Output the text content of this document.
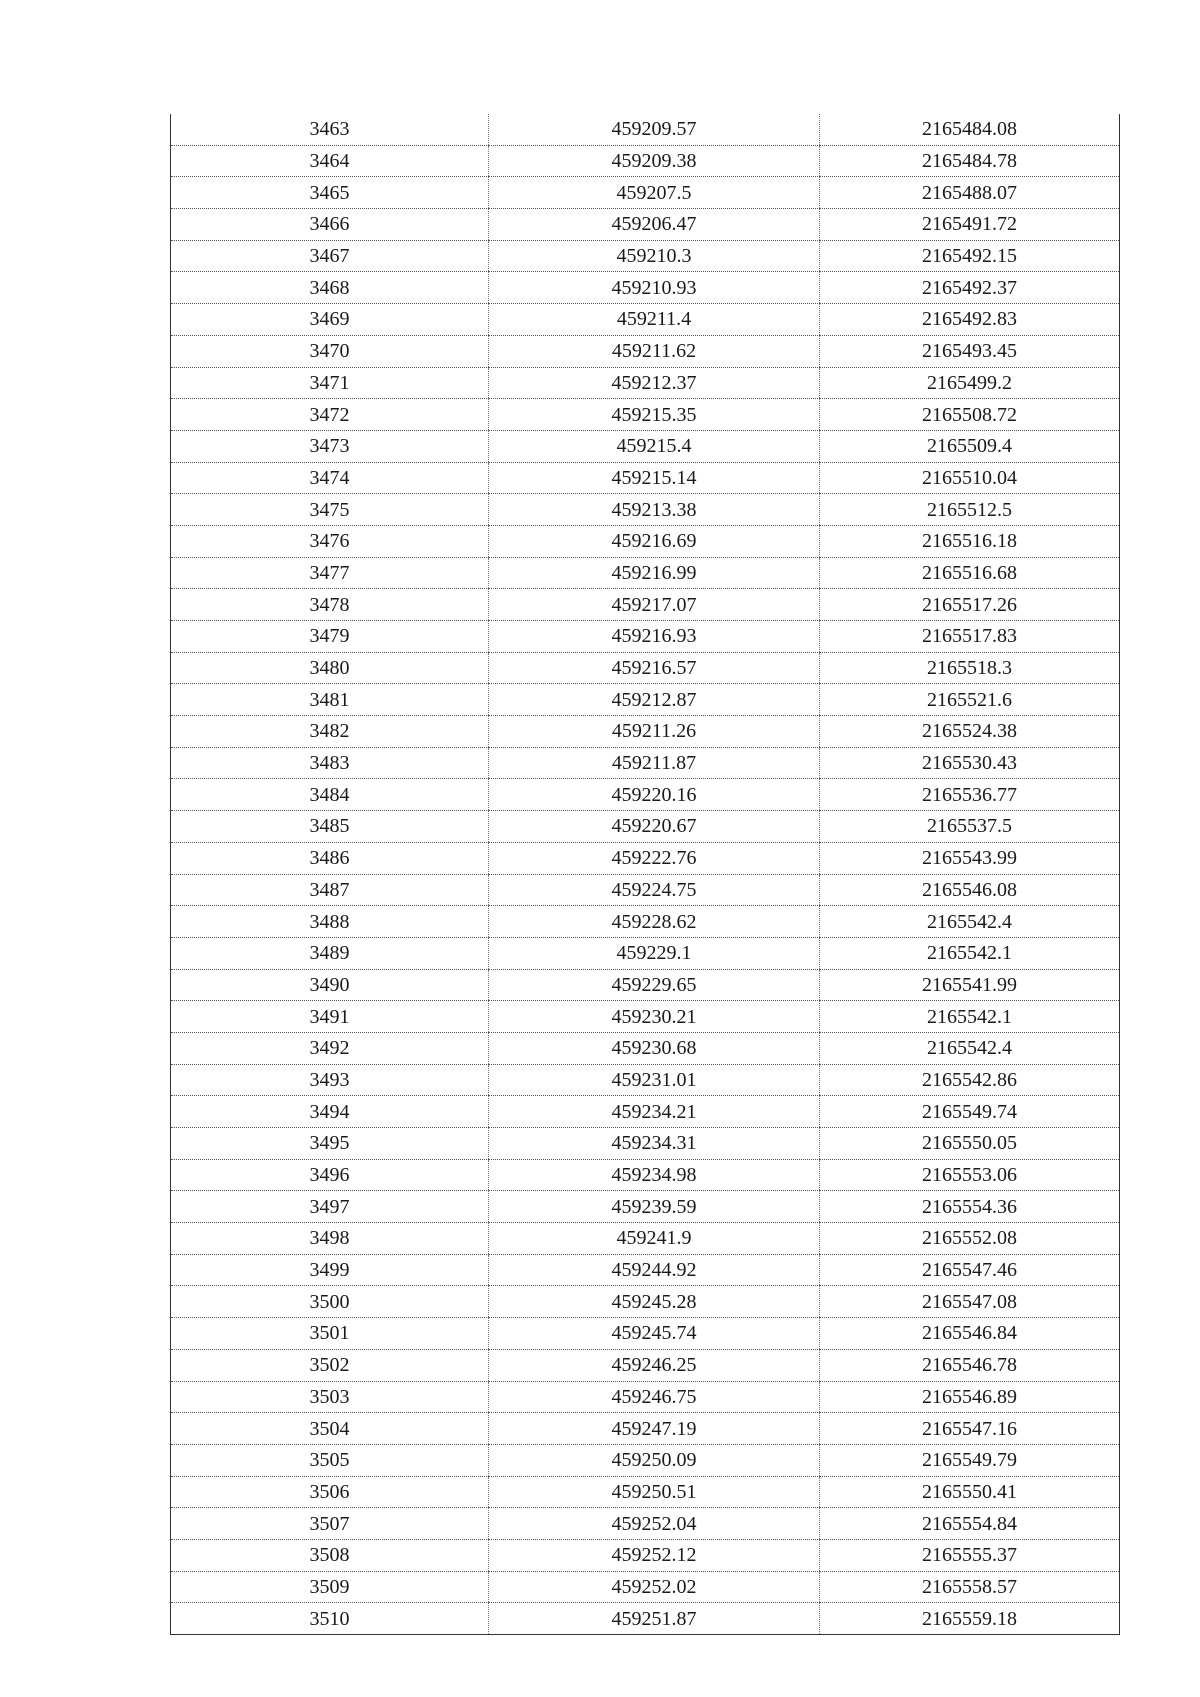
3463	459209.57	2165484.08
3464	459209.38	2165484.78
3465	459207.5	2165488.07
3466	459206.47	2165491.72
3467	459210.3	2165492.15
3468	459210.93	2165492.37
3469	459211.4	2165492.83
3470	459211.62	2165493.45
3471	459212.37	2165499.2
3472	459215.35	2165508.72
3473	459215.4	2165509.4
3474	459215.14	2165510.04
3475	459213.38	2165512.5
3476	459216.69	2165516.18
3477	459216.99	2165516.68
3478	459217.07	2165517.26
3479	459216.93	2165517.83
3480	459216.57	2165518.3
3481	459212.87	2165521.6
3482	459211.26	2165524.38
3483	459211.87	2165530.43
3484	459220.16	2165536.77
3485	459220.67	2165537.5
3486	459222.76	2165543.99
3487	459224.75	2165546.08
3488	459228.62	2165542.4
3489	459229.1	2165542.1
3490	459229.65	2165541.99
3491	459230.21	2165542.1
3492	459230.68	2165542.4
3493	459231.01	2165542.86
3494	459234.21	2165549.74
3495	459234.31	2165550.05
3496	459234.98	2165553.06
3497	459239.59	2165554.36
3498	459241.9	2165552.08
3499	459244.92	2165547.46
3500	459245.28	2165547.08
3501	459245.74	2165546.84
3502	459246.25	2165546.78
3503	459246.75	2165546.89
3504	459247.19	2165547.16
3505	459250.09	2165549.79
3506	459250.51	2165550.41
3507	459252.04	2165554.84
3508	459252.12	2165555.37
3509	459252.02	2165558.57
3510	459251.87	2165559.18
